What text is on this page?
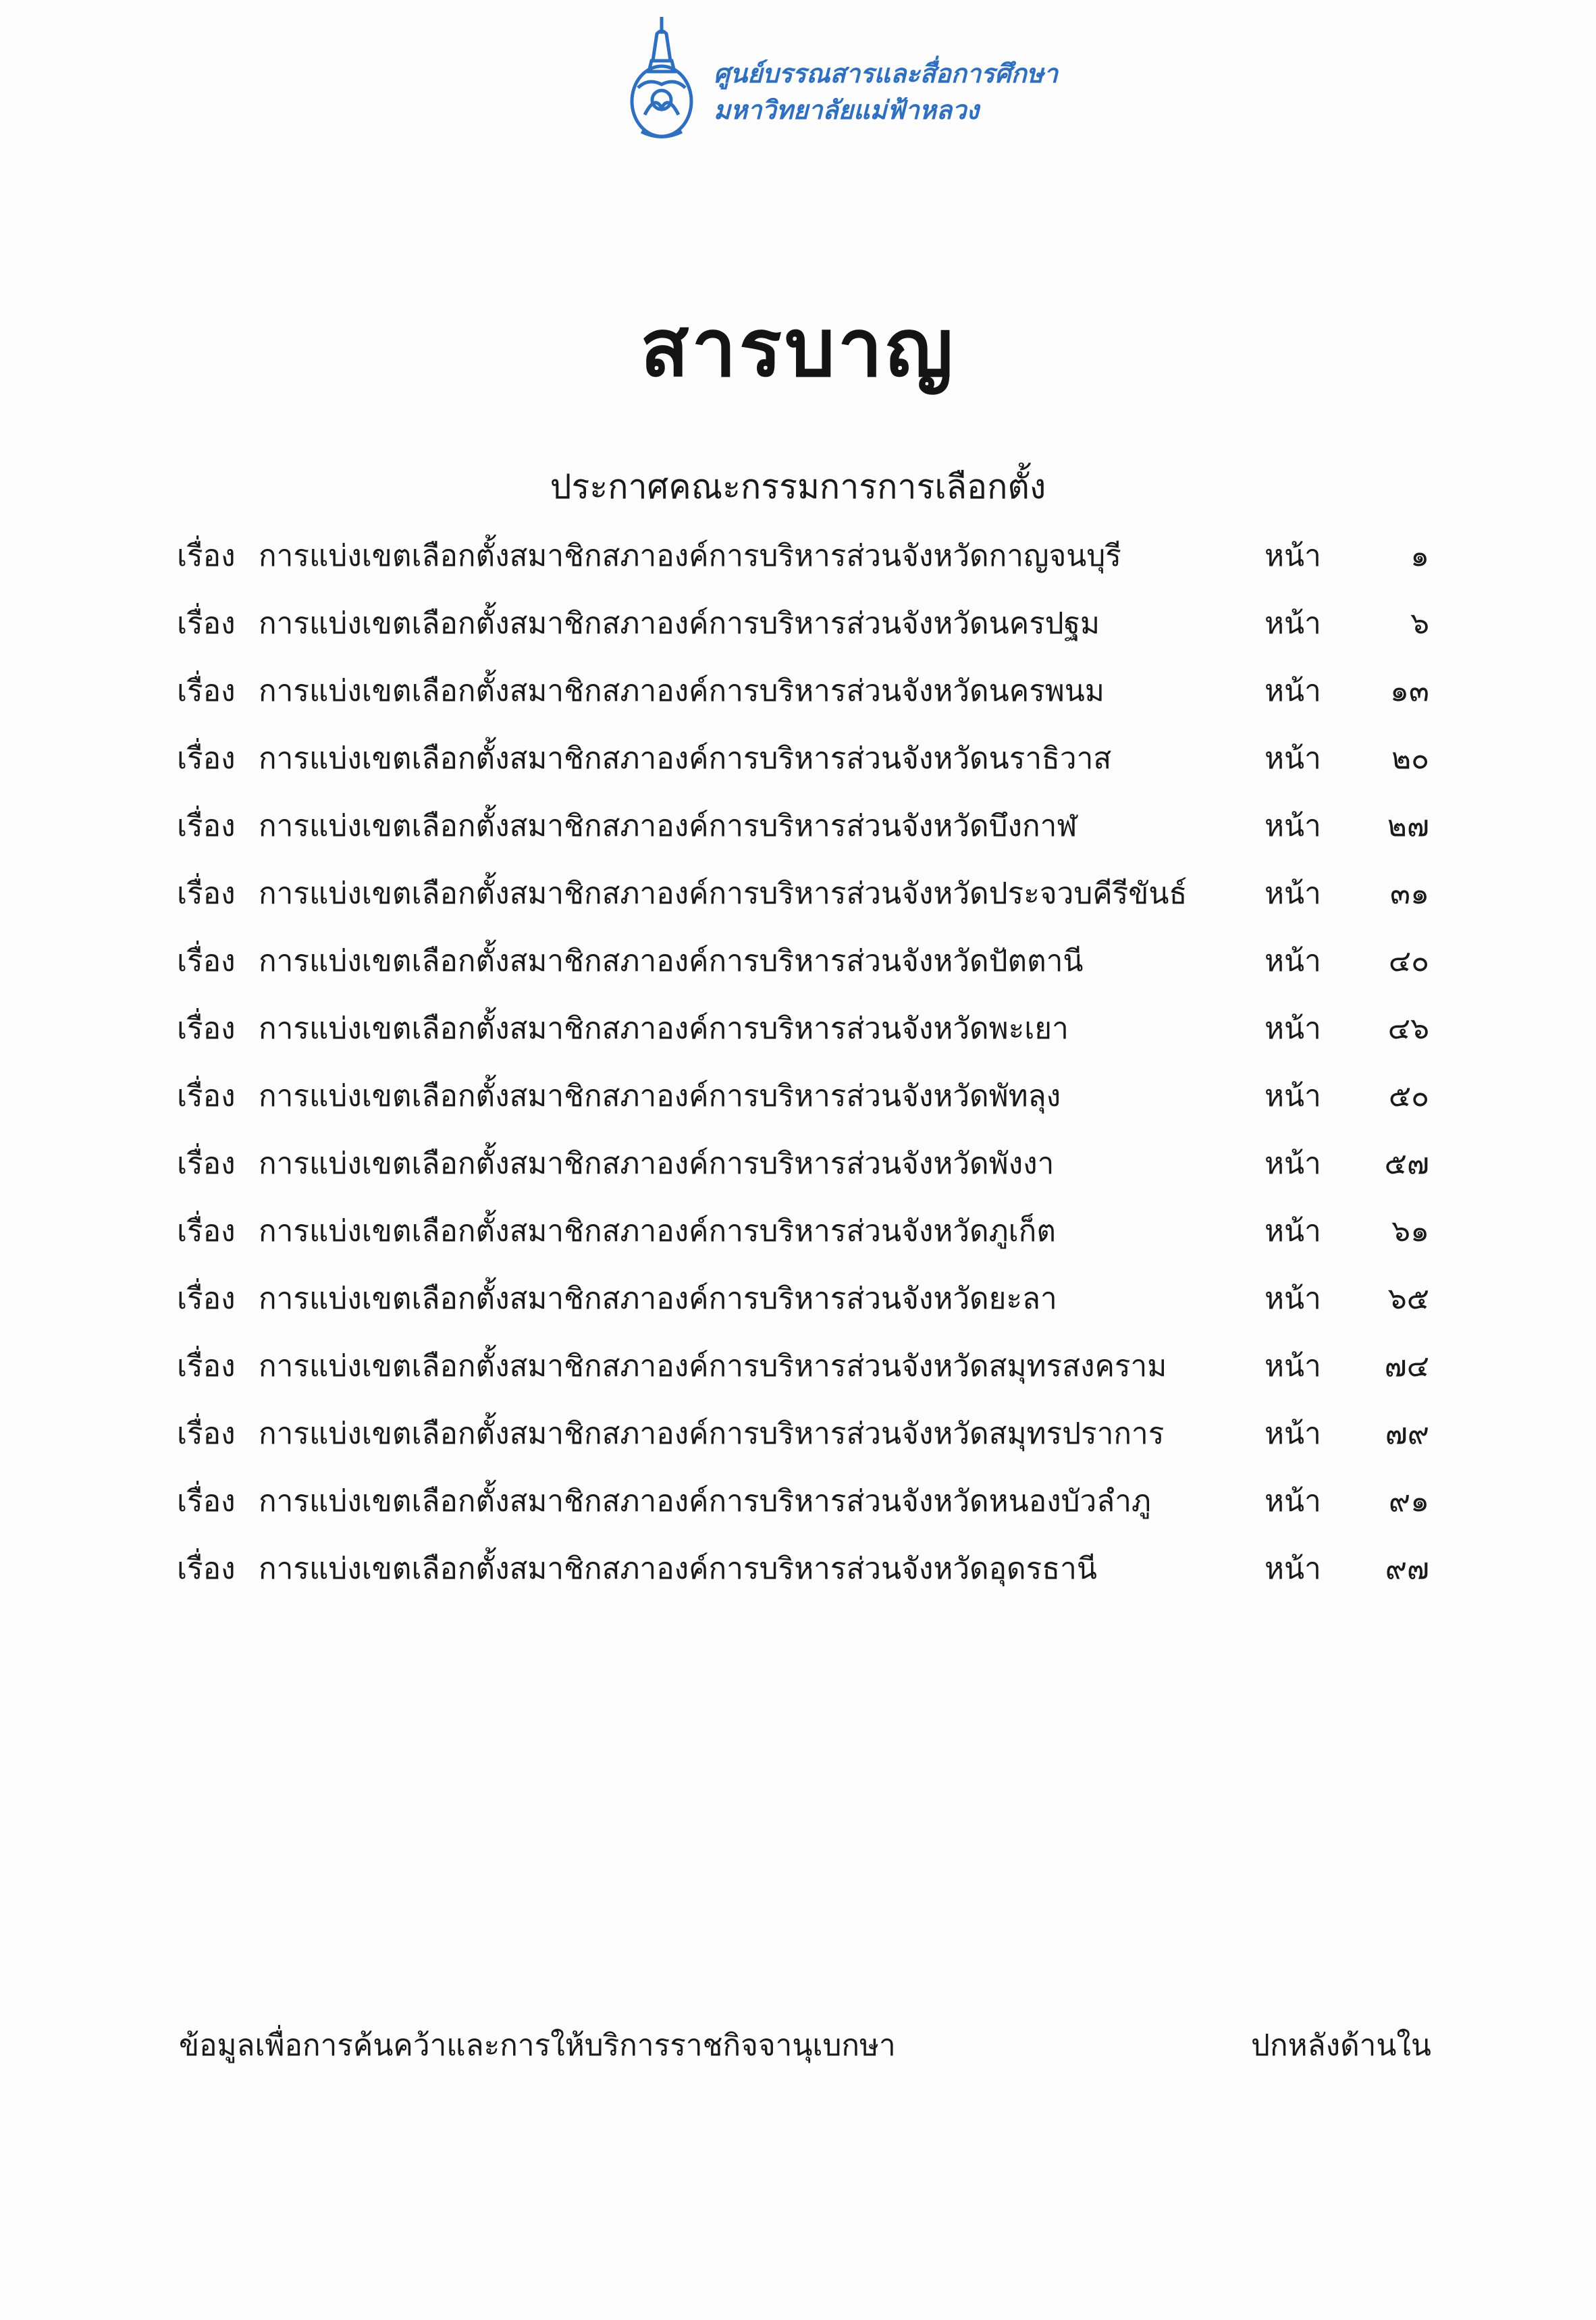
ศูนย์บรรณสารและสื่อการศึกษา
มหาวิทยาลัยแม่ฟ้าหลวง
สารบาญ
ประกาศคณะกรรมการการเลือกตั้ง
เรื่อง การแบ่งเขตเลือกตั้งสมาชิกสภาองค์การบริหารส่วนจังหวัดกาญจนบุรี	หน้า	๑
เรื่อง การแบ่งเขตเลือกตั้งสมาชิกสภาองค์การบริหารส่วนจังหวัดนครปฐม	หน้า	๖
เรื่อง การแบ่งเขตเลือกตั้งสมาชิกสภาองค์การบริหารส่วนจังหวัดนครพนม	หน้า ๑๓
เรื่อง การแบ่งเขตเลือกตั้งสมาชิกสภาองค์การบริหารส่วนจังหวัดนราธิวาส	หน้า ๒๐
เรื่อง การแบ่งเขตเลือกตั้งสมาชิกสภาองค์การบริหารส่วนจังหวัดบึงกาฬ	หน้า ๒๗
เรื่อง การแบ่งเขตเลือกตั้งสมาชิกสภาองค์การบริหารส่วนจังหวัดประจวบคีรีขันธ์	หน้า ๓๑
เรื่อง การแบ่งเขตเลือกตั้งสมาชิกสภาองค์การบริหารส่วนจังหวัดปัตตานี	หน้า ๔๐
เรื่อง การแบ่งเขตเลือกตั้งสมาชิกสภาองค์การบริหารส่วนจังหวัดพะเยา	หน้า ๔๖
เรื่อง การแบ่งเขตเลือกตั้งสมาชิกสภาองค์การบริหารส่วนจังหวัดพัทลุง	หน้า ๕๐
เรื่อง การแบ่งเขตเลือกตั้งสมาชิกสภาองค์การบริหารส่วนจังหวัดพังงา	หน้า ๕๗
เรื่อง การแบ่งเขตเลือกตั้งสมาชิกสภาองค์การบริหารส่วนจังหวัดภูเก็ต	หน้า ๖๑
เรื่อง การแบ่งเขตเลือกตั้งสมาชิกสภาองค์การบริหารส่วนจังหวัดยะลา	หน้า ๖๕
เรื่อง การแบ่งเขตเลือกตั้งสมาชิกสภาองค์การบริหารส่วนจังหวัดสมุทรสงคราม	หน้า ๗๔
เรื่อง การแบ่งเขตเลือกตั้งสมาชิกสภาองค์การบริหารส่วนจังหวัดสมุทรปราการ	หน้า ๗๙
เรื่อง การแบ่งเขตเลือกตั้งสมาชิกสภาองค์การบริหารส่วนจังหวัดหนองบัวลำภู	หน้า ๙๑
เรื่อง การแบ่งเขตเลือกตั้งสมาชิกสภาองค์การบริหารส่วนจังหวัดอุดรธานี	หน้า ๙๗
ข้อมูลเพื่อการค้นคว้าและการให้บริการราชกิจจานุเบกษา	ปกหลังด้านใน
